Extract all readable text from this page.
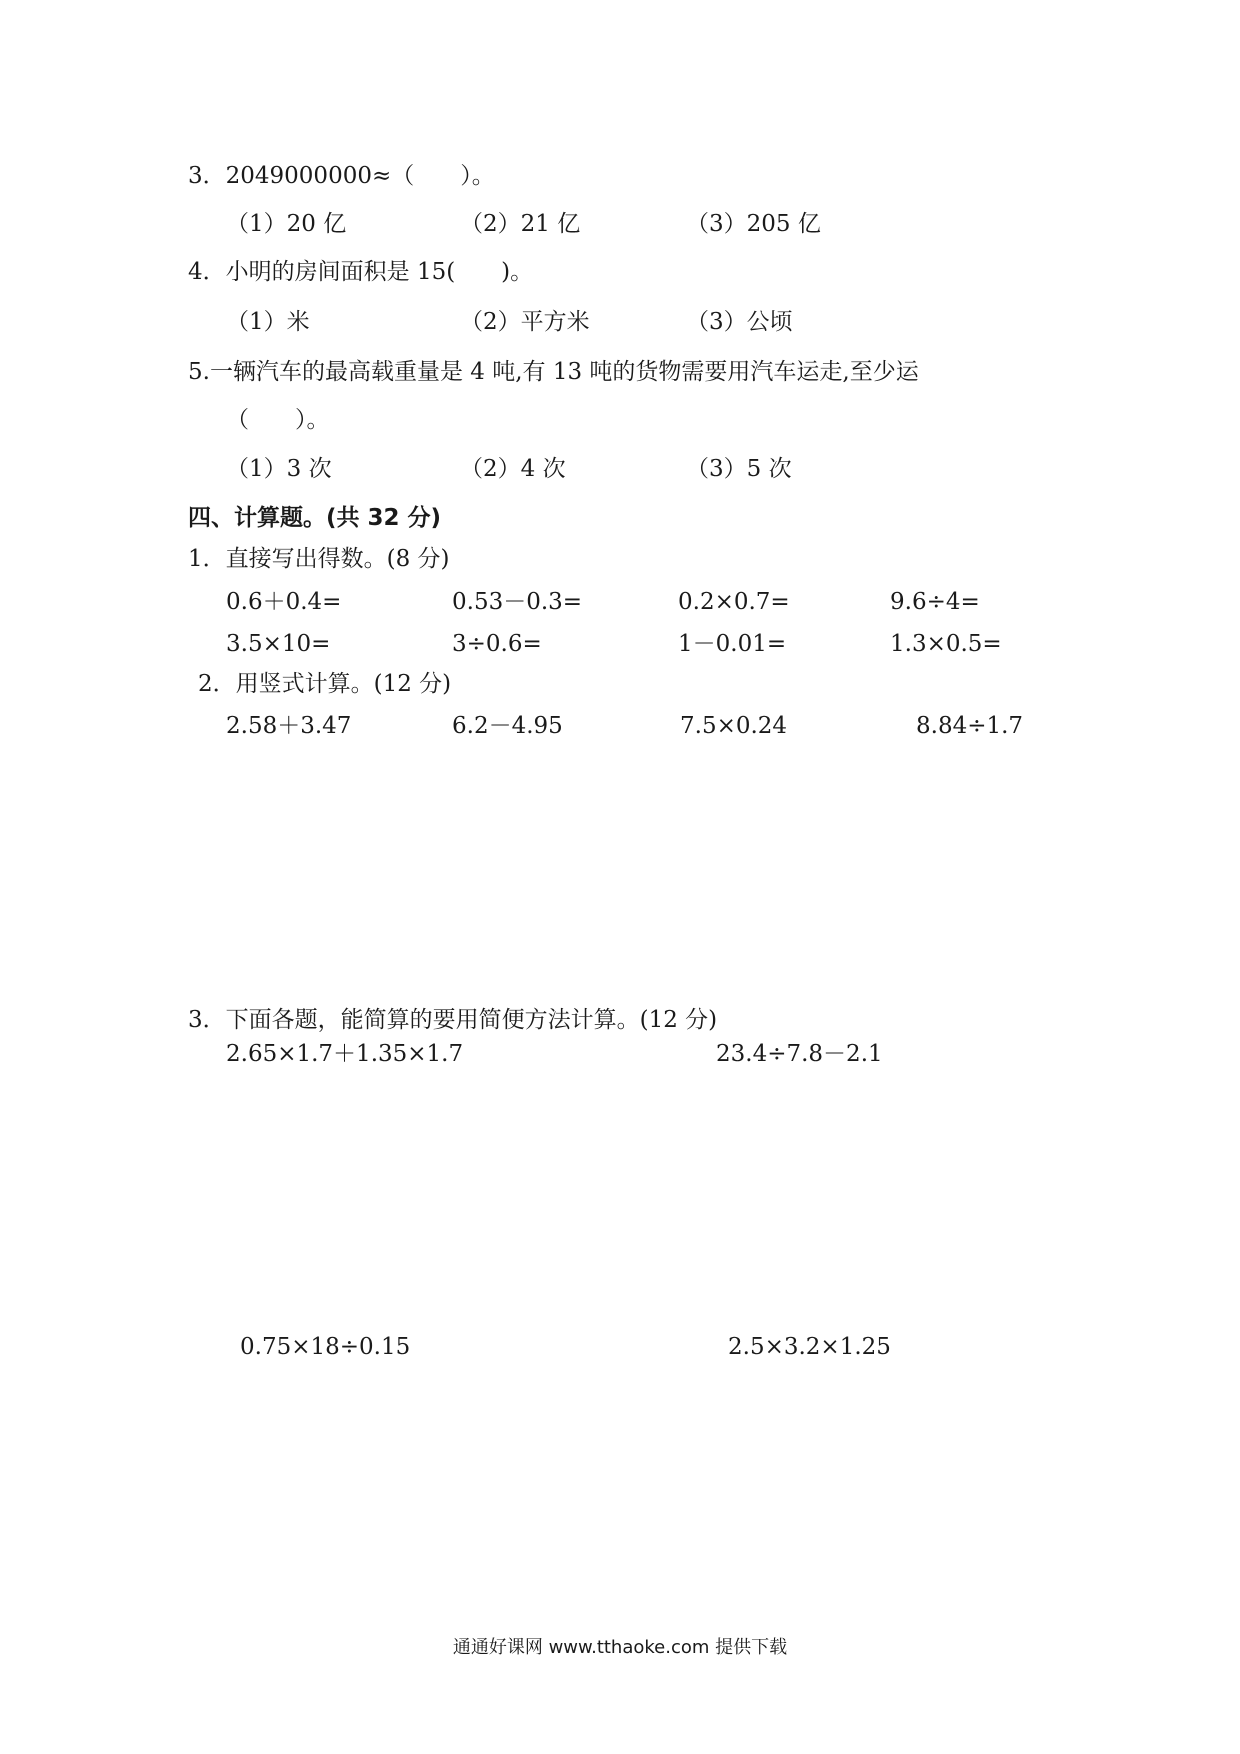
3．2049000000≈（　　）。
（1）20 亿	（2）21 亿	（3）205 亿
4．小明的房间面积是 15(　　)。
（1）米	（2）平方米	（3）公顷
5.一辆汽车的最高载重量是 4 吨,有 13 吨的货物需要用汽车运走,至少运
（　　）。
（1）3 次	（2）4 次	（3）5 次
四、计算题。(共 32 分)
1．直接写出得数。(8 分)
0.6＋0.4=	0.53－0.3=	0.2×0.7=	9.6÷4=
3.5×10=	3÷0.6=	1－0.01=	1.3×0.5=
2．用竖式计算。(12 分)
2.58＋3.47	6.2－4.95	7.5×0.24	8.84÷1.7
3．下面各题，能简算的要用简便方法计算。(12 分)
2.65×1.7＋1.35×1.7	23.4÷7.8－2.1
0.75×18÷0.15	2.5×3.2×1.25
通通好课网 www.tthaoke.com 提供下载
